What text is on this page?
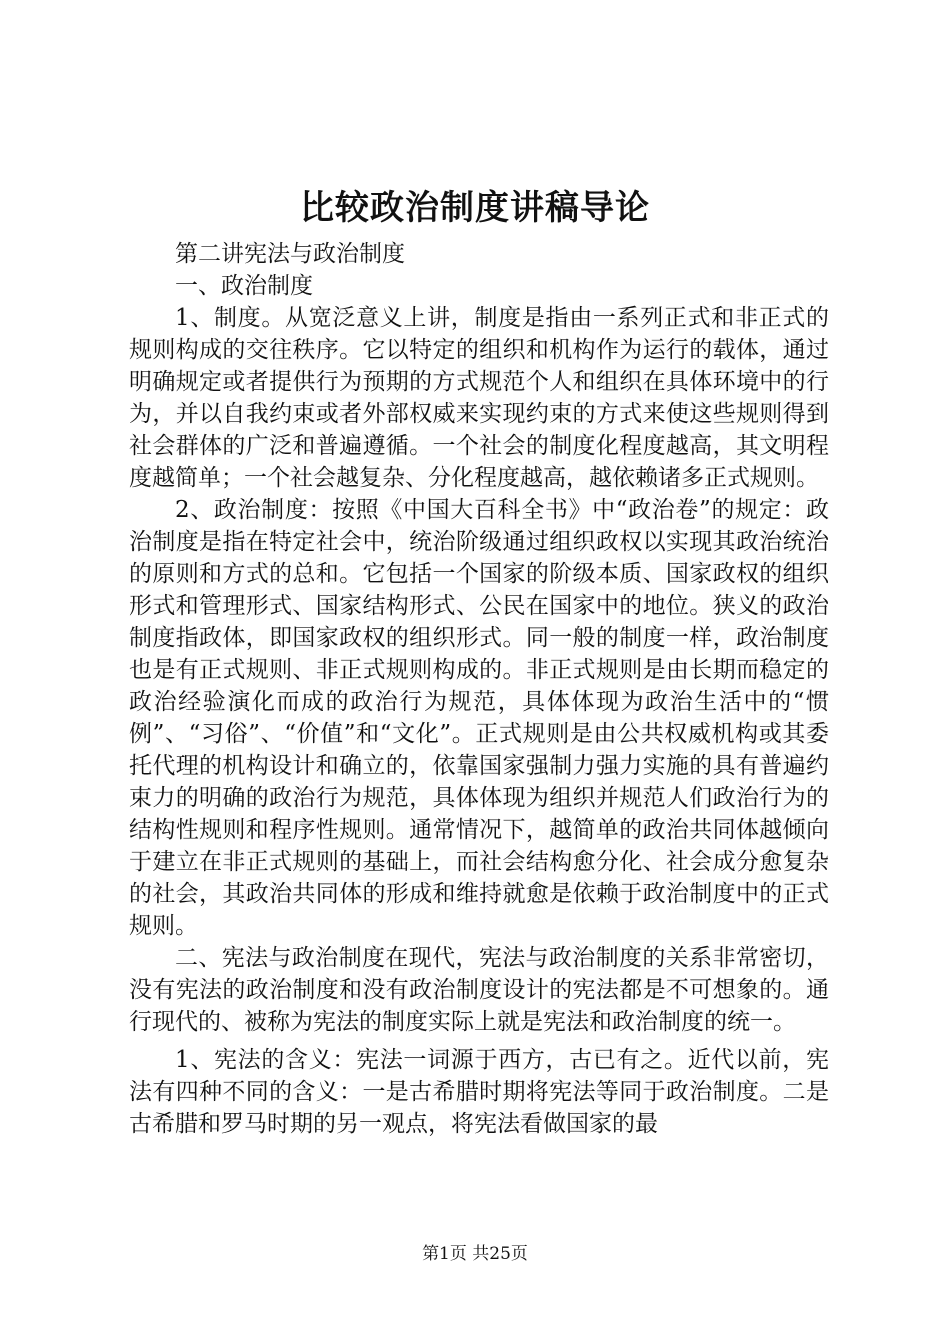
比较政治制度讲稿导论

第二讲宪法与政治制度

一、政治制度

1、制度。从宽泛意义上讲，制度是指由一系列正式和非正式的规则构成的交往秩序。它以特定的组织和机构作为运行的载体，通过明确规定或者提供行为预期的方式规范个人和组织在具体环境中的行为，并以自我约束或者外部权威来实现约束的方式来使这些规则得到社会群体的广泛和普遍遵循。一个社会的制度化程度越高，其文明程度越简单；一个社会越复杂、分化程度越高，越依赖诸多正式规则。

2、政治制度：按照《中国大百科全书》中“政治卷”的规定：政治制度是指在特定社会中，统治阶级通过组织政权以实现其政治统治的原则和方式的总和。它包括一个国家的阶级本质、国家政权的组织形式和管理形式、国家结构形式、公民在国家中的地位。狭义的政治制度指政体，即国家政权的组织形式。同一般的制度一样，政治制度也是有正式规则、非正式规则构成的。非正式规则是由长期而稳定的政治经验演化而成的政治行为规范，具体体现为政治生活中的“惯例”、“习俗”、“价值”和“文化”。正式规则是由公共权威机构或其委托代理的机构设计和确立的，依靠国家强制力强力实施的具有普遍约束力的明确的政治行为规范，具体体现为组织并规范人们政治行为的结构性规则和程序性规则。通常情况下，越简单的政治共同体越倾向于建立在非正式规则的基础上，而社会结构愈分化、社会成分愈复杂的社会，其政治共同体的形成和维持就愈是依赖于政治制度中的正式规则。

二、宪法与政治制度在现代，宪法与政治制度的关系非常密切，没有宪法的政治制度和没有政治制度设计的宪法都是不可想象的。通行现代的、被称为宪法的制度实际上就是宪法和政治制度的统一。

1、宪法的含义：宪法一词源于西方，古已有之。近代以前，宪法有四种不同的含义：一是古希腊时期将宪法等同于政治制度。二是古希腊和罗马时期的另一观点，将宪法看做国家的最

第1页 共25页
